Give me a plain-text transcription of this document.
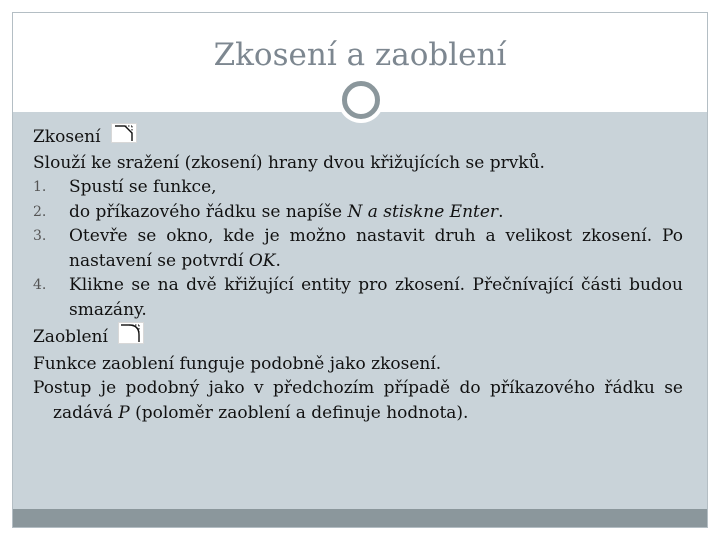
Zkosení a zaoblení
Zkosení
Slouží ke sražení (zkosení) hrany dvou křižujících se prvků.
1.	Spustí se funkce,
2.	do příkazového řádku se napíše N a stiskne Enter.
3.	Otevře se okno, kde je možno nastavit druh a velikost zkosení. Po nastavení se potvrdí OK.
4.	Klikne se na dvě křižující entity pro zkosení. Přečnívající části budou smazány.
Zaoblení
Funkce zaoblení funguje podobně jako zkosení.
Postup je podobný jako v předchozím případě do příkazového řádku se zadává P (poloměr zaoblení a definuje hodnota).
